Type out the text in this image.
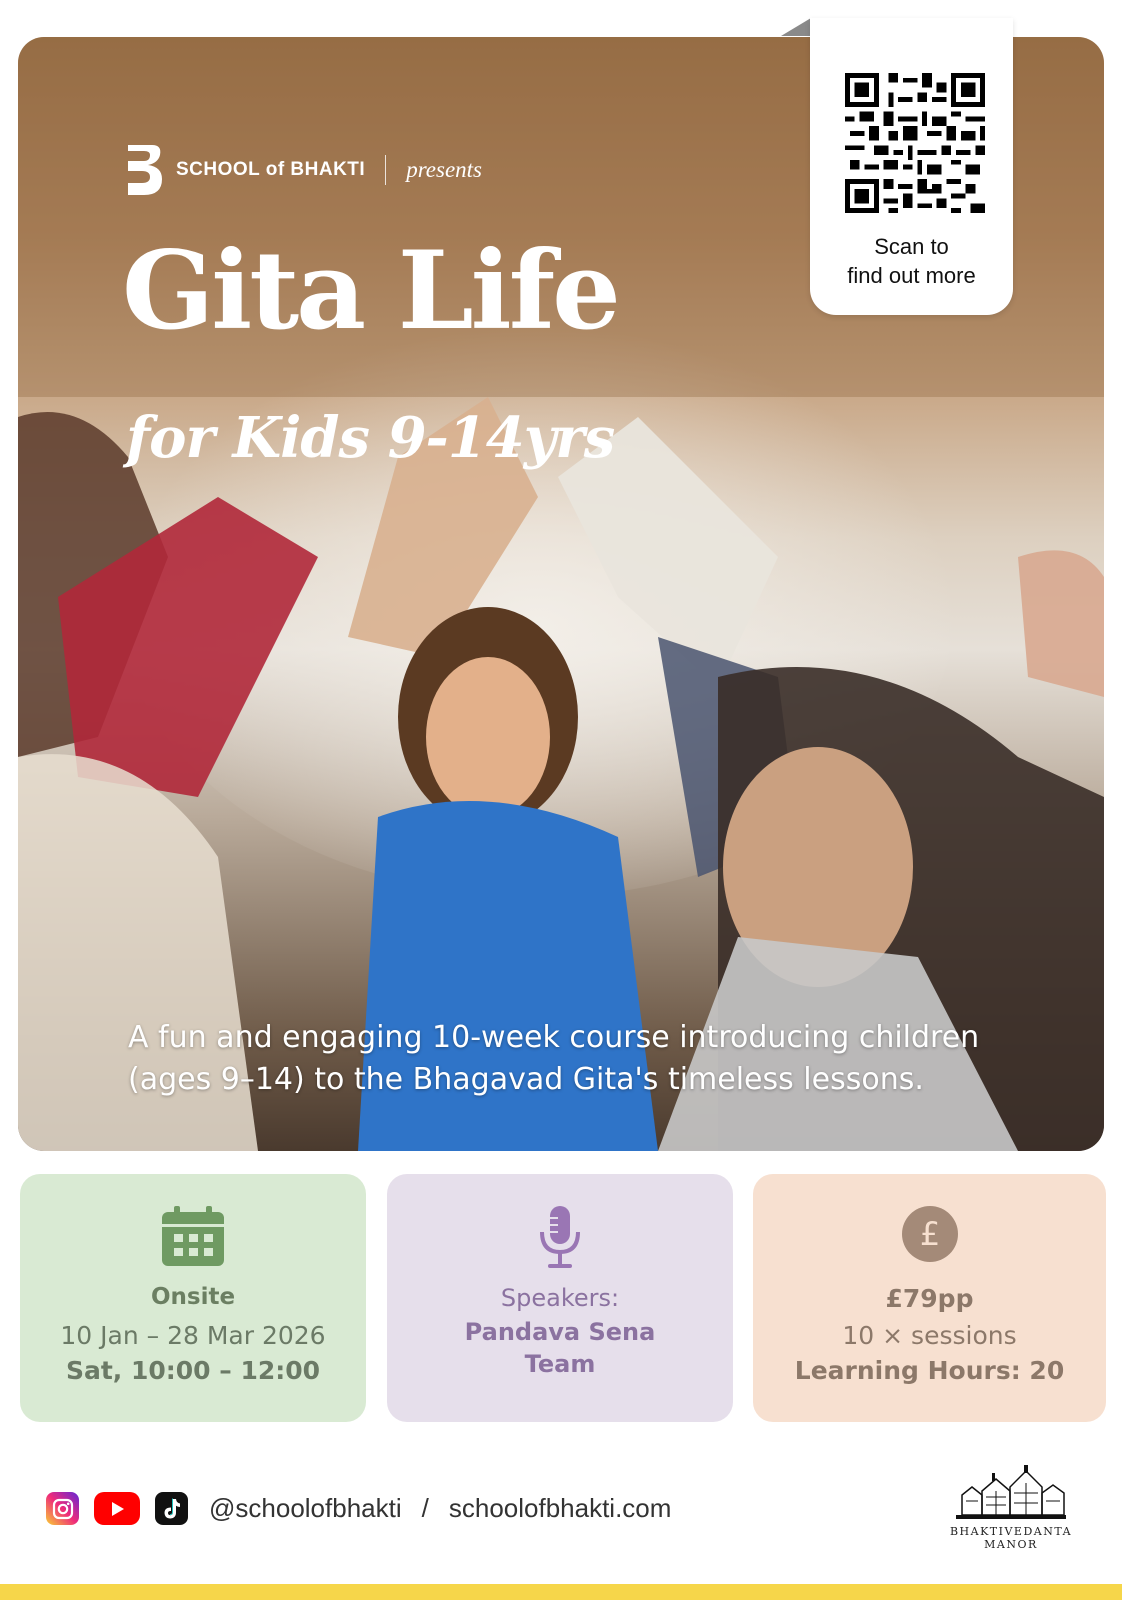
SCHOOL of BHAKTI presents
Gita Life
for Kids 9-14yrs
A fun and engaging 10-week course introducing children (ages 9–14) to the Bhagavad Gita's timeless lessons.
Scan to
find out more
Onsite
10 Jan – 28 Mar 2026
Sat, 10:00 – 12:00
Speakers:
Pandava Sena
Team
£
£79pp
10 × sessions
Learning Hours: 20
@schoolofbhakti / schoolofbhakti.com
BHAKTIVEDANTA MANOR
